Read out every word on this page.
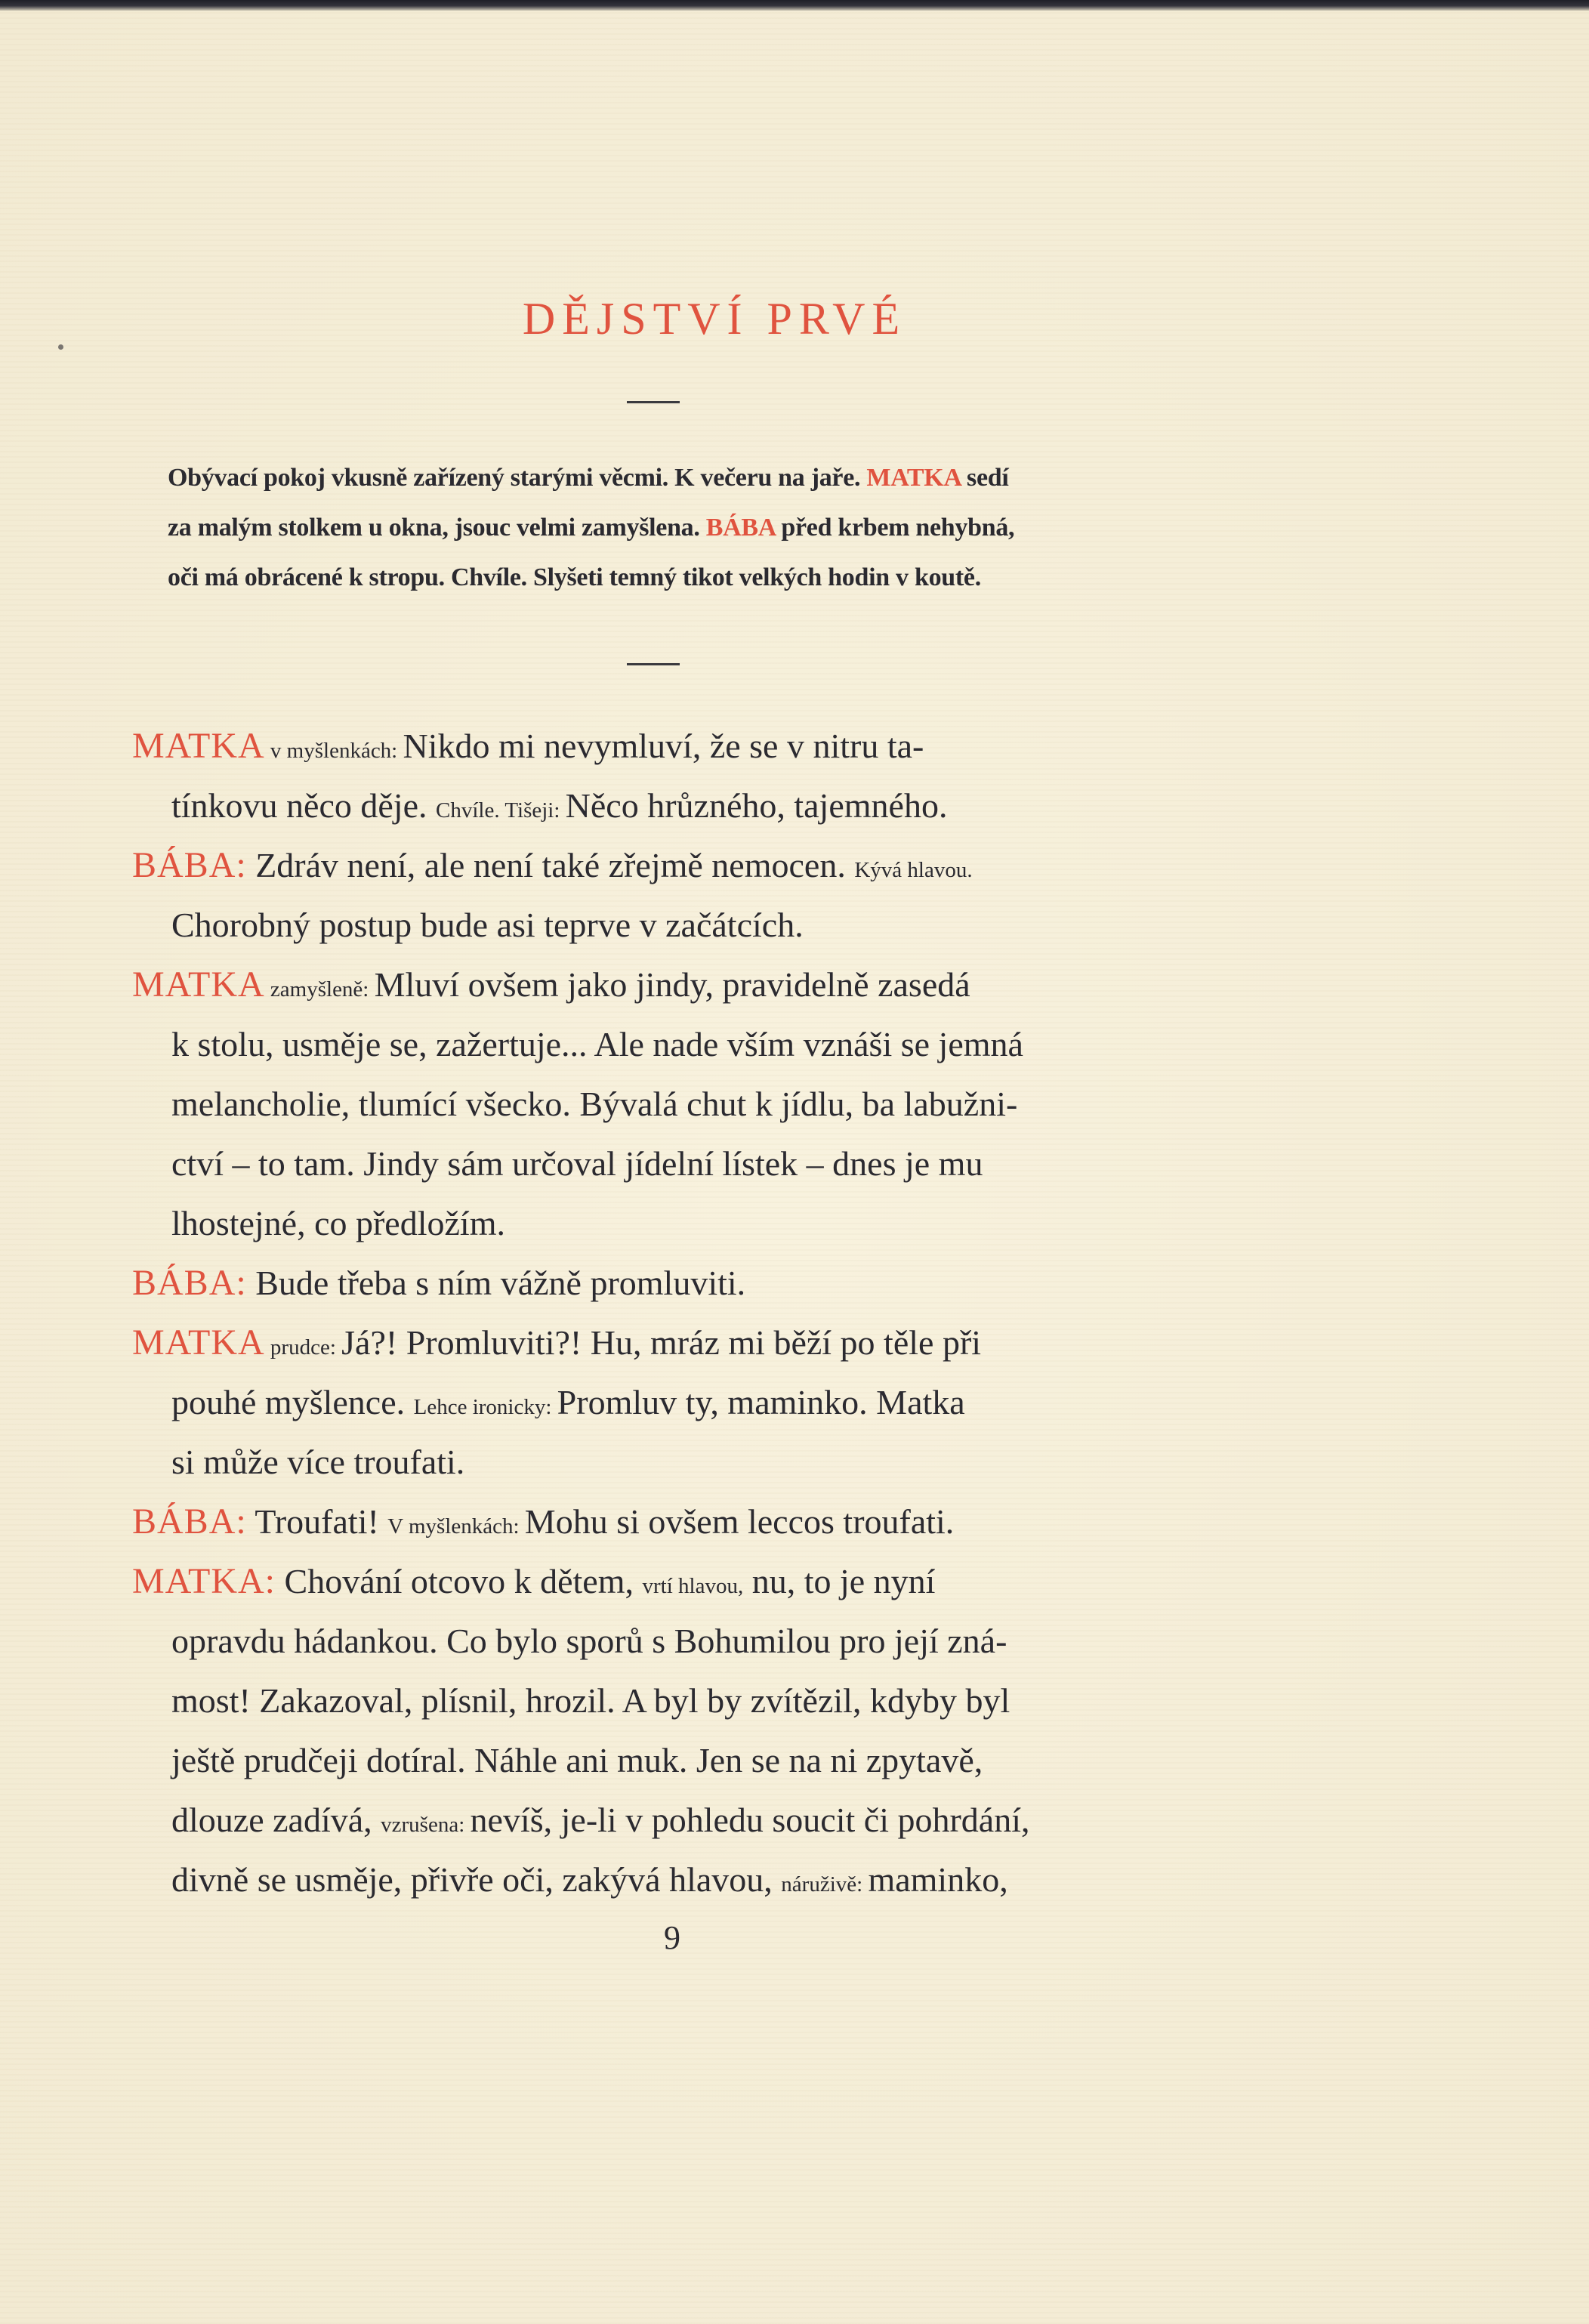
DĚJSTVÍ PRVÉ
Obývací pokoj vkusně zařízený starými věcmi. K večeru na jaře. MATKA sedí
za malým stolkem u okna, jsouc velmi zamyšlena. BÁBA před krbem nehybná,
oči má obrácené k stropu. Chvíle. Slyšeti temný tikot velkých hodin v koutě.
MATKA v myšlenkách: Nikdo mi nevymluví, že se v nitru ta-
tínkovu něco děje. Chvíle. Tišeji: Něco hrůzného, tajemného.
BÁBA: Zdráv není, ale není také zřejmě nemocen. Kývá hlavou.
Chorobný postup bude asi teprve v začátcích.
MATKA zamyšleně: Mluví ovšem jako jindy, pravidelně zasedá
k stolu, usměje se, zažertuje... Ale nade vším vznáši se jemná
melancholie, tlumící všecko. Bývalá chut k jídlu, ba labužni-
ctví – to tam. Jindy sám určoval jídelní lístek – dnes je mu
lhostejné, co předložím.
BÁBA: Bude třeba s ním vážně promluviti.
MATKA prudce: Já?! Promluviti?! Hu, mráz mi běží po těle při
pouhé myšlence. Lehce ironicky: Promluv ty, maminko. Matka
si může více troufati.
BÁBA: Troufati! V myšlenkách: Mohu si ovšem leccos troufati.
MATKA: Chování otcovo k dětem, vrtí hlavou, nu, to je nyní
opravdu hádankou. Co bylo sporů s Bohumilou pro její zná-
most! Zakazoval, plísnil, hrozil. A byl by zvítězil, kdyby byl
ještě prudčeji dotíral. Náhle ani muk. Jen se na ni zpytavě,
dlouze zadívá, vzrušena: nevíš, je-li v pohledu soucit či pohrdání,
divně se usměje, přivře oči, zakývá hlavou, náruživě: maminko,
9
